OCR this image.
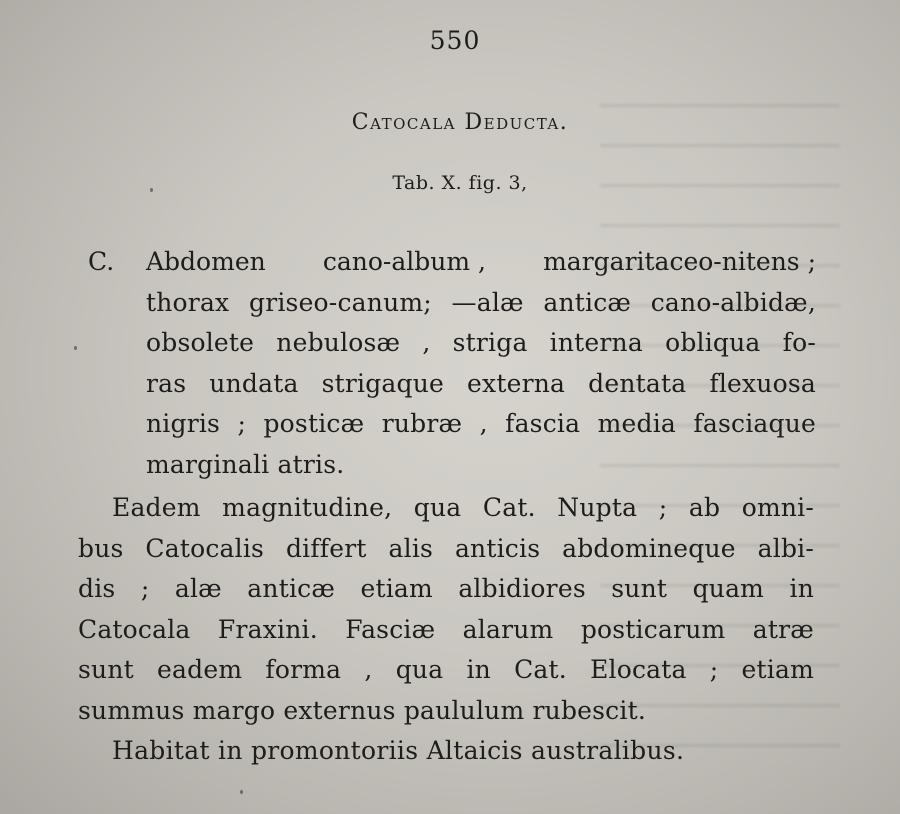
550
Catocala Deducta.
Tab. X. fig. 3,
C. Abdomen cano-album , margaritaceo-nitens ;
thorax griseo-canum; —alæ anticæ cano-albidæ,
obsolete nebulosæ , striga interna obliqua fo-
ras undata strigaque externa dentata flexuosa
nigris ; posticæ rubræ , fascia media fasciaque
marginali atris.
Eadem magnitudine, qua Cat. Nupta ; ab omni-
bus Catocalis differt alis anticis abdomineque albi-
dis ; alæ anticæ etiam albidiores sunt quam in
Catocala Fraxini. Fasciæ alarum posticarum atræ
sunt eadem forma , qua in Cat. Elocata ; etiam
summus margo externus paululum rubescit.
Habitat in promontoriis Altaicis australibus.
